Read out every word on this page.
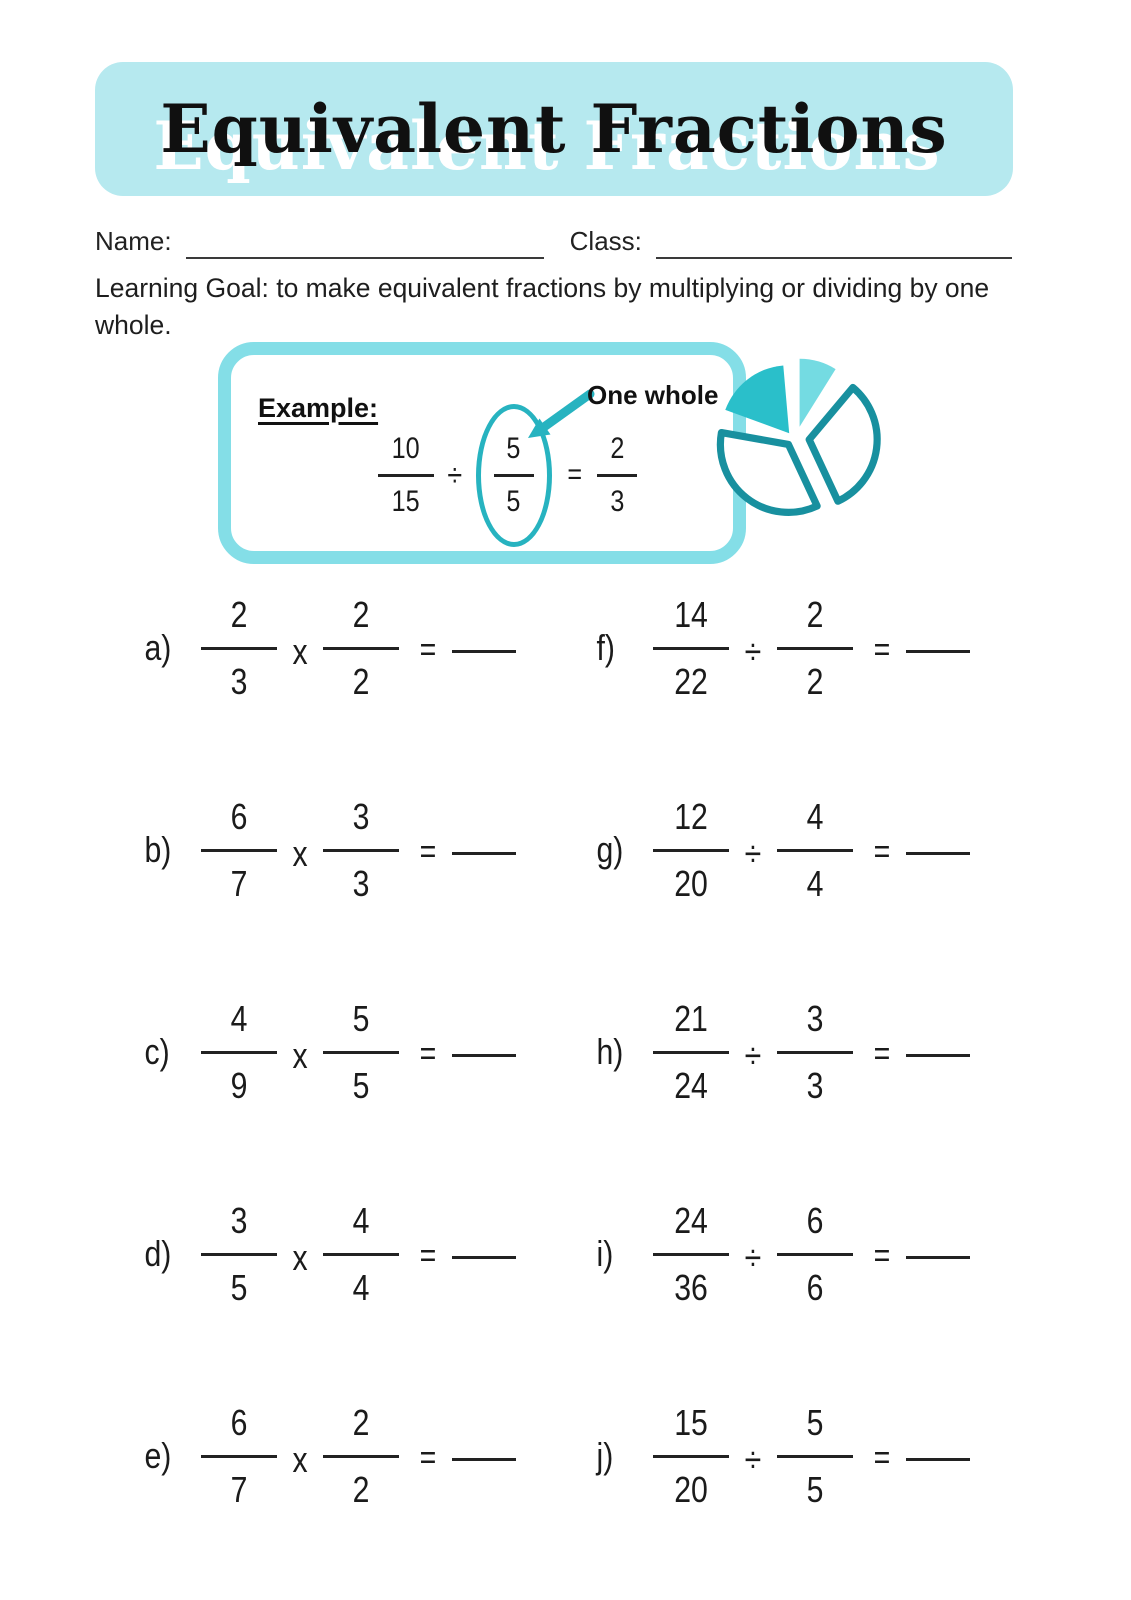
Equivalent Fractions
Name:	Class:
Learning Goal: to make equivalent fractions by multiplying or dividing by one whole.
Example:
$\frac{10}{15} \div \frac{5}{5} = \frac{2}{3}$
One whole
$a) \frac{2}{3}$ x $\frac{2}{2}$ =	$f) \frac{14}{22} \div \frac{2}{2}$ =
$b) \frac{6}{7}$ x $\frac{3}{3}$ =	$g) \frac{12}{20} \div \frac{4}{4}$ =
$c) \frac{4}{9}$ x $\frac{5}{5}$ =	$h) \frac{21}{24} \div \frac{3}{3}$ =
$d) \frac{3}{5}$ x $\frac{4}{4}$ =	$i) \frac{24}{36} \div \frac{6}{6}$ =
$e) \frac{6}{7}$ x $\frac{2}{2}$ =	$j) \frac{15}{20} \div \frac{5}{5}$ =
